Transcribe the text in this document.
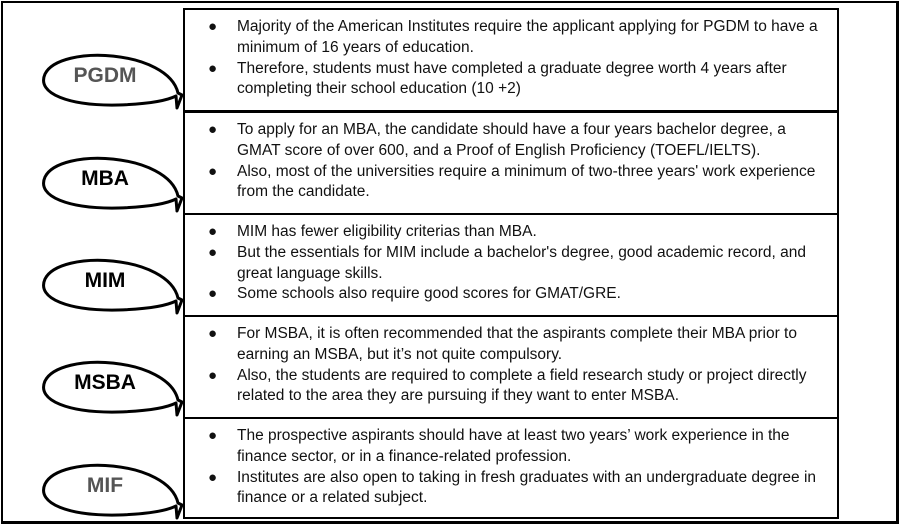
PGDM
● Majority of the American Institutes require the applicant applying for PGDM to have a minimum of 16 years of education.
● Therefore, students must have completed a graduate degree worth 4 years after completing their school education (10 +2)
MBA
● To apply for an MBA, the candidate should have a four years bachelor degree, a GMAT score of over 600, and a Proof of English Proficiency (TOEFL/IELTS).
● Also, most of the universities require a minimum of two-three years' work experience from the candidate.
MIM
● MIM has fewer eligibility criterias than MBA.
● But the essentials for MIM include a bachelor's degree, good academic record, and great language skills.
● Some schools also require good scores for GMAT/GRE.
MSBA
● For MSBA, it is often recommended that the aspirants complete their MBA prior to earning an MSBA, but it’s not quite compulsory.
● Also, the students are required to complete a field research study or project directly related to the area they are pursuing if they want to enter MSBA.
MIF
● The prospective aspirants should have at least two years’ work experience in the finance sector, or in a finance-related profession.
● Institutes are also open to taking in fresh graduates with an undergraduate degree in finance or a related subject.
